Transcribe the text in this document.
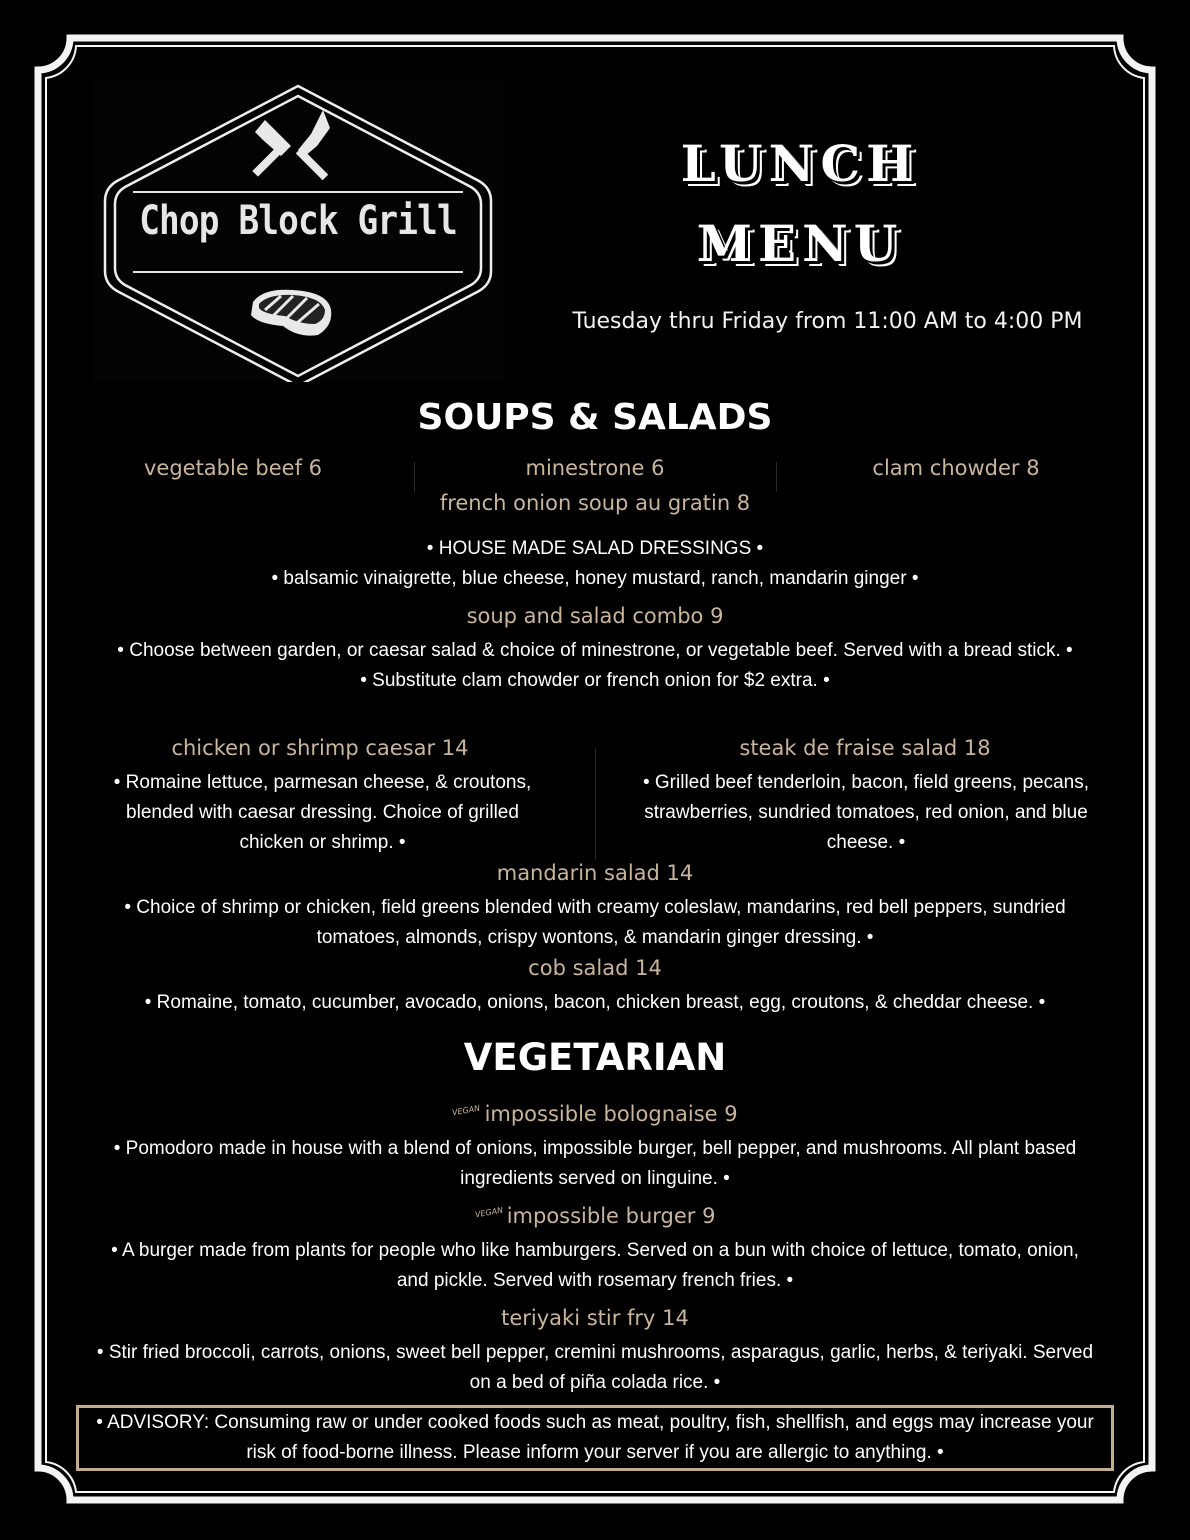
Chop Block Grill
LUNCH
MENU
Tuesday thru Friday from 11:00 AM to 4:00 PM
SOUPS & SALADS
vegetable beef 6	minestrone 6	clam chowder 8
french onion soup au gratin 8
• HOUSE MADE SALAD DRESSINGS •
• balsamic vinaigrette, blue cheese, honey mustard, ranch, mandarin ginger •
soup and salad combo 9
• Choose between garden, or caesar salad & choice of minestrone, or vegetable beef. Served with a bread stick. •
• Substitute clam chowder or french onion for $2 extra. •
chicken or shrimp caesar 14
• Romaine lettuce, parmesan cheese, & croutons, blended with caesar dressing. Choice of grilled chicken or shrimp. •
steak de fraise salad 18
• Grilled beef tenderloin, bacon, field greens, pecans, strawberries, sundried tomatoes, red onion, and blue cheese. •
mandarin salad 14
• Choice of shrimp or chicken, field greens blended with creamy coleslaw, mandarins, red bell peppers, sundried tomatoes, almonds, crispy wontons, & mandarin ginger dressing. •
cob salad 14
• Romaine, tomato, cucumber, avocado, onions, bacon, chicken breast, egg, croutons, & cheddar cheese. •
VEGETARIAN
VEGAN impossible bolognaise 9
• Pomodoro made in house with a blend of onions, impossible burger, bell pepper, and mushrooms. All plant based ingredients served on linguine. •
VEGAN impossible burger 9
• A burger made from plants for people who like hamburgers. Served on a bun with choice of lettuce, tomato, onion, and pickle. Served with rosemary french fries. •
teriyaki stir fry 14
• Stir fried broccoli, carrots, onions, sweet bell pepper, cremini mushrooms, asparagus, garlic, herbs, & teriyaki. Served on a bed of piña colada rice. •
• ADVISORY: Consuming raw or under cooked foods such as meat, poultry, fish, shellfish, and eggs may increase your risk of food-borne illness. Please inform your server if you are allergic to anything. •
